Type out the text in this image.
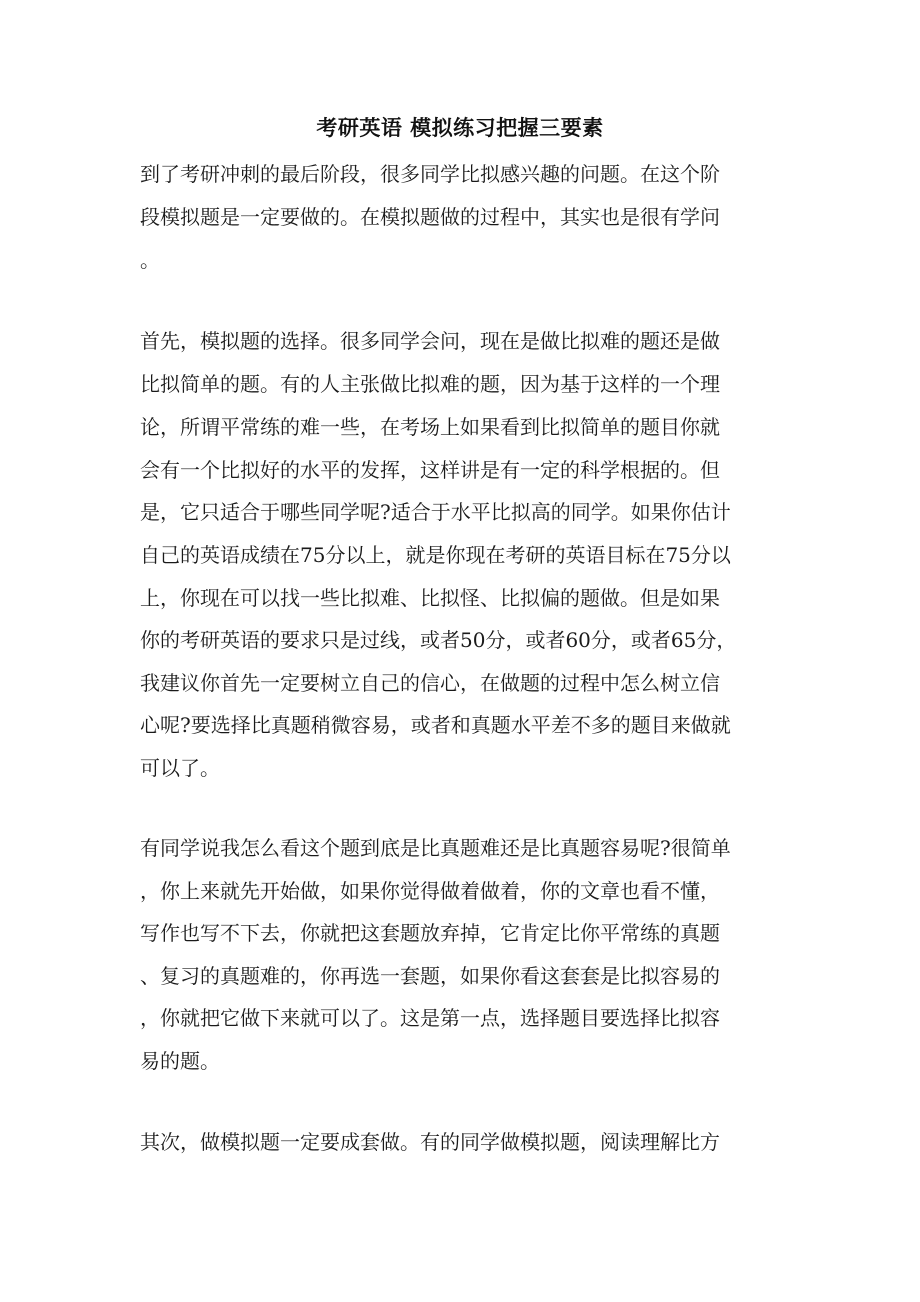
考研英语 模拟练习把握三要素
到了考研冲刺的最后阶段，很多同学比拟感兴趣的问题。在这个阶
段模拟题是一定要做的。在模拟题做的过程中，其实也是很有学问
。
首先，模拟题的选择。很多同学会问，现在是做比拟难的题还是做
比拟简单的题。有的人主张做比拟难的题，因为基于这样的一个理
论，所谓平常练的难一些，在考场上如果看到比拟简单的题目你就
会有一个比拟好的水平的发挥，这样讲是有一定的科学根据的。但
是，它只适合于哪些同学呢?适合于水平比拟高的同学。如果你估计
自己的英语成绩在75分以上，就是你现在考研的英语目标在75分以
上，你现在可以找一些比拟难、比拟怪、比拟偏的题做。但是如果
你的考研英语的要求只是过线，或者50分，或者60分，或者65分，
我建议你首先一定要树立自己的信心，在做题的过程中怎么树立信
心呢?要选择比真题稍微容易，或者和真题水平差不多的题目来做就
可以了。
有同学说我怎么看这个题到底是比真题难还是比真题容易呢?很简单
，你上来就先开始做，如果你觉得做着做着，你的文章也看不懂，
写作也写不下去，你就把这套题放弃掉，它肯定比你平常练的真题
、复习的真题难的，你再选一套题，如果你看这套套是比拟容易的
，你就把它做下来就可以了。这是第一点，选择题目要选择比拟容
易的题。
其次，做模拟题一定要成套做。有的同学做模拟题，阅读理解比方
